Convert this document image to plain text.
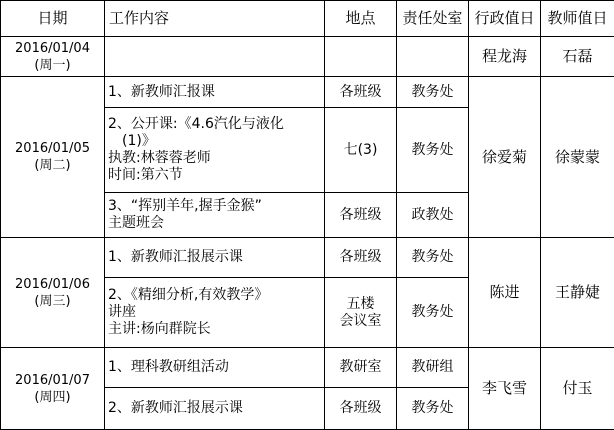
日期	工作内容	地点	责任处室	行政值日	教师值日

2016/01/04
(周一)				程龙海	石磊

2016/01/05
(周二)	1、新教师汇报课	各班级	教务处	徐爱菊	徐蒙蒙

	2、公开课:《4.6汽化与液化
(1)》
执教:林蓉蓉老师
时间:第六节	七(3)	教务处		

	3、“挥别羊年,握手金猴”
主题班会	各班级	政教处		

2016/01/06
(周三)	1、新教师汇报展示课	各班级	教务处	陈进	王静婕

	2、《精细分析,有效教学》
讲座
主讲:杨向群院长	五楼
会议室	教务处		

2016/01/07
(周四)	1、理科教研组活动	教研室	教研组	李飞雪	付玉

	2、新教师汇报展示课	各班级	教务处		
